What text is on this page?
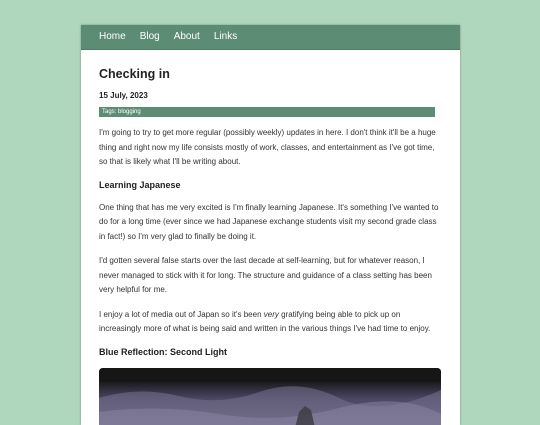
Home Blog About Links
Checking in
15 July, 2023
Tags: blogging

I'm going to try to get more regular (possibly weekly) updates in here. I don't think it'll be a huge thing and right now my life consists mostly of work, classes, and entertainment as I've got time, so that is likely what I'll be writing about.

Learning Japanese

One thing that has me very excited is I'm finally learning Japanese. It's something I've wanted to do for a long time (ever since we had Japanese exchange students visit my second grade class in fact!) so I'm very glad to finally be doing it.

I'd gotten several false starts over the last decade at self-learning, but for whatever reason, I never managed to stick with it for long. The structure and guidance of a class setting has been very helpful for me.

I enjoy a lot of media out of Japan so it's been very gratifying being able to pick up on increasingly more of what is being said and written in the various things I've had time to enjoy.

Blue Reflection: Second Light
